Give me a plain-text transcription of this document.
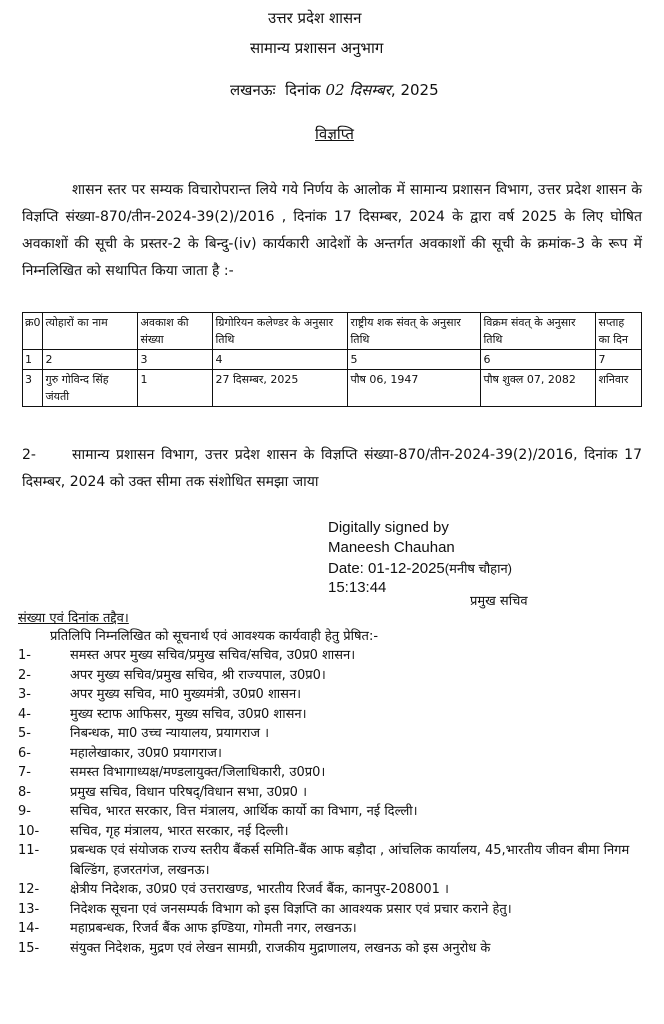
उत्तर प्रदेश शासन
सामान्य प्रशासन अनुभाग
लखनऊः दिनांक 02 दिसम्बर, 2025
विज्ञप्ति
शासन स्तर पर सम्यक विचारोपरान्त लिये गये निर्णय के आलोक में सामान्य प्रशासन विभाग, उत्तर प्रदेश शासन के विज्ञप्ति संख्या-870/तीन-2024-39(2)/2016 , दिनांक 17 दिसम्बर, 2024 के द्वारा वर्ष 2025 के लिए घोषित अवकाशों की सूची के प्रस्तर-2 के बिन्दु-(iv) कार्यकारी आदेशों के अन्तर्गत अवकाशों की सूची के क्रमांक-3 के रूप में निम्नलिखित को सथापित किया जाता है :-
क्र0	त्योहारों का नाम	अवकाश की संख्या	ग्रिगोरियन कलेण्डर के अनुसार तिथि	राष्ट्रीय शक संवत् के अनुसार तिथि	विक्रम संवत् के अनुसार तिथि	सप्ताह का दिन
1	2	3	4	5	6	7
3	गुरु गोविन्द सिंह जंयती	1	27 दिसम्बर, 2025	पौष 06, 1947	पौष शुक्ल 07, 2082	शनिवार
2-	सामान्य प्रशासन विभाग, उत्तर प्रदेश शासन के विज्ञप्ति संख्या-870/तीन-2024-39(2)/2016, दिनांक 17 दिसम्बर, 2024 को उक्त सीमा तक संशोधित समझा जाया
Digitally signed by
Maneesh Chauhan
Date: 01-12-2025(मनीष चौहान)
15:13:44
प्रमुख सचिव
संख्या एवं दिनांक तद्दैव।
प्रतिलिपि निम्नलिखित को सूचनार्थ एवं आवश्यक कार्यवाही हेतु प्रेषित:-
1-	समस्त अपर मुख्य सचिव/प्रमुख सचिव/सचिव, उ0प्र0 शासन।
2-	अपर मुख्य सचिव/प्रमुख सचिव, श्री राज्यपाल, उ0प्र0।
3-	अपर मुख्य सचिव, मा0 मुख्यमंत्री, उ0प्र0 शासन।
4-	मुख्य स्टाफ आफिसर, मुख्य सचिव, उ0प्र0 शासन।
5-	निबन्धक, मा0 उच्च न्यायालय, प्रयागराज ।
6-	महालेखाकार, उ0प्र0 प्रयागराज।
7-	समस्त विभागाध्यक्ष/मण्डलायुक्त/जिलाधिकारी, उ0प्र0।
8-	प्रमुख सचिव, विधान परिषद्/विधान सभा, उ0प्र0 ।
9-	सचिव, भारत सरकार, वित्त मंत्रालय, आर्थिक कार्यो का विभाग, नई दिल्ली।
10-	सचिव, गृह मंत्रालय, भारत सरकार, नई दिल्ली।
11-	प्रबन्धक एवं संयोजक राज्य स्तरीय बैंकर्स समिति-बैंक आफ बड़ौदा , आंचलिक कार्यालय, 45,भारतीय जीवन बीमा निगम बिल्डिंग, हजरतगंज, लखनऊ।
12-	क्षेत्रीय निदेशक, उ0प्र0 एवं उत्तराखण्ड, भारतीय रिजर्व बैंक, कानपुर-208001 ।
13-	निदेशक सूचना एवं जनसम्पर्क विभाग को इस विज्ञप्ति का आवश्यक प्रसार एवं प्रचार कराने हेतु।
14-	महाप्रबन्धक, रिजर्व बैंक आफ इण्डिया, गोमती नगर, लखनऊ।
15-	संयुक्त निदेशक, मुद्रण एवं लेखन सामग्री, राजकीय मुद्राणालय, लखनऊ को इस अनुरोध के
